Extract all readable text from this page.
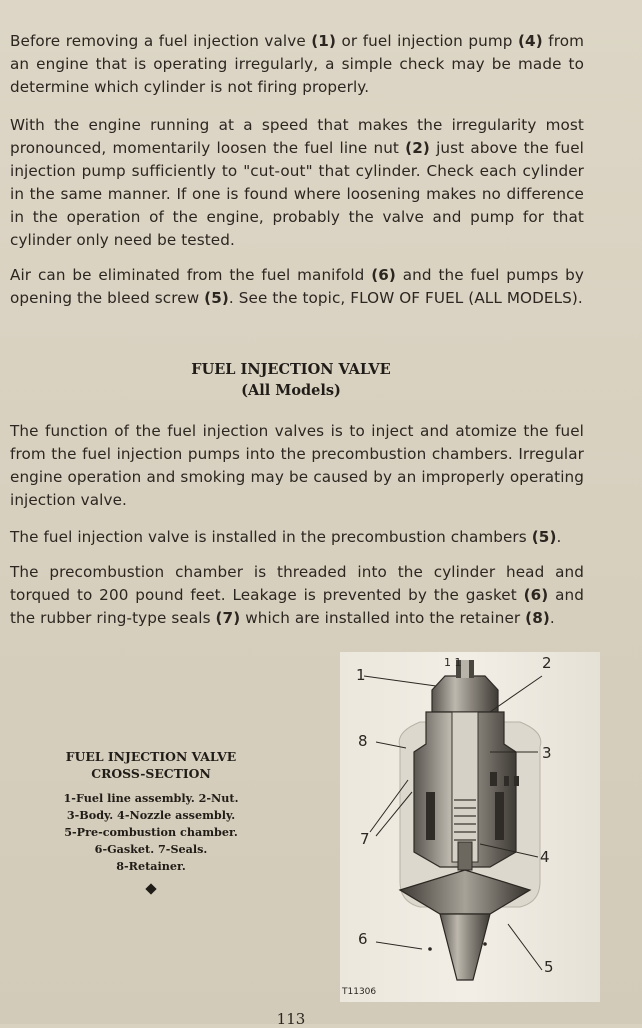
Before removing a fuel injection valve (1) or fuel injection pump (4) from an engine that is operating irregularly, a simple check may be made to determine which cylinder is not firing properly.
With the engine running at a speed that makes the irregularity most pronounced, momentarily loosen the fuel line nut (2) just above the fuel injection pump sufficiently to "cut-out" that cylinder. Check each cylinder in the same manner. If one is found where loosening makes no difference in the operation of the engine, probably the valve and pump for that cylinder only need be tested.
Air can be eliminated from the fuel manifold (6) and the fuel pumps by opening the bleed screw (5). See the topic, FLOW OF FUEL (ALL MODELS).
FUEL INJECTION VALVE
(All Models)
The function of the fuel injection valves is to inject and atomize the fuel from the fuel injection pumps into the precombustion chambers. Irregular engine operation and smoking may be caused by an improperly operating injection valve.
The fuel injection valve is installed in the precombustion chambers (5).
The precombustion chamber is threaded into the cylinder head and torqued to 200 pound feet. Leakage is prevented by the gasket (6) and the rubber ring-type seals (7) which are installed into the retainer (8).
FUEL INJECTION VALVE
CROSS-SECTION
1-Fuel line assembly. 2-Nut.
3-Body. 4-Nozzle assembly.
5-Pre-combustion chamber.
6-Gasket. 7-Seals.
8-Retainer.
1
2
3
4
5
6
7
8
1 1
T11306
113
